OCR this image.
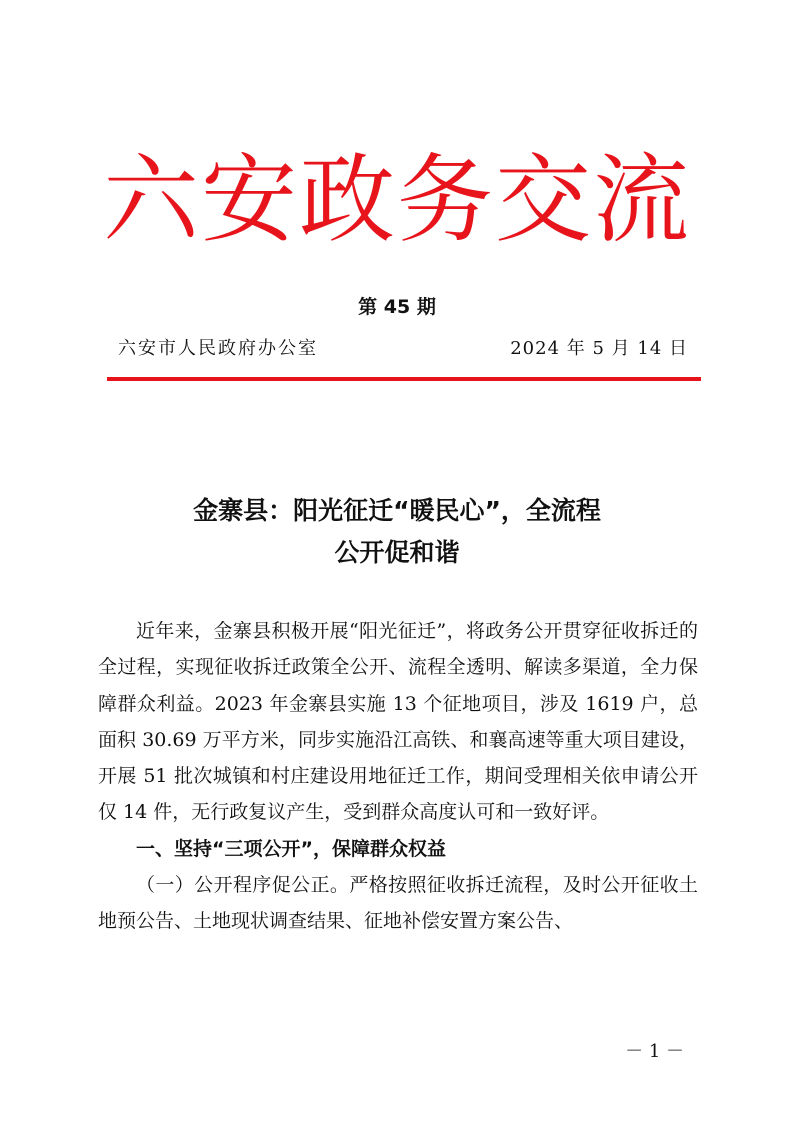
六安政务交流
第 45 期
六安市人民政府办公室	2024 年 5 月 14 日
金寨县：阳光征迁“暖民心”，全流程
公开促和谐

近年来，金寨县积极开展“阳光征迁”，将政务公开贯穿征收拆迁的全过程，实现征收拆迁政策全公开、流程全透明、解读多渠道，全力保障群众利益。2023 年金寨县实施 13 个征地项目，涉及 1619 户，总面积 30.69 万平方米，同步实施沿江高铁、和襄高速等重大项目建设，开展 51 批次城镇和村庄建设用地征迁工作，期间受理相关依申请公开仅 14 件，无行政复议产生，受到群众高度认可和一致好评。

一、坚持“三项公开”，保障群众权益

（一）公开程序促公正。严格按照征收拆迁流程，及时公开征收土地预公告、土地现状调查结果、征地补偿安置方案公告、

－ 1 －
